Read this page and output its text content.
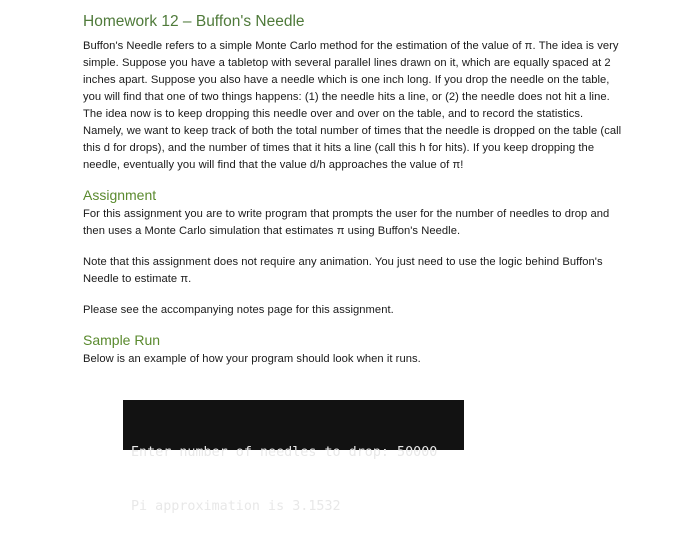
Homework 12 – Buffon's Needle

Buffon's Needle refers to a simple Monte Carlo method for the estimation of the value of π. The idea is very simple. Suppose you have a tabletop with several parallel lines drawn on it, which are equally spaced at 2 inches apart. Suppose you also have a needle which is one inch long. If you drop the needle on the table, you will find that one of two things happens: (1) the needle hits a line, or (2) the needle does not hit a line. The idea now is to keep dropping this needle over and over on the table, and to record the statistics. Namely, we want to keep track of both the total number of times that the needle is dropped on the table (call this d for drops), and the number of times that it hits a line (call this h for hits). If you keep dropping the needle, eventually you will find that the value d/h approaches the value of π!

Assignment

For this assignment you are to write program that prompts the user for the number of needles to drop and then uses a Monte Carlo simulation that estimates π using Buffon's Needle.

Note that this assignment does not require any animation. You just need to use the logic behind Buffon's Needle to estimate π.

Please see the accompanying notes page for this assignment.

Sample Run

Below is an example of how your program should look when it runs.

Enter number of needles to drop: 50000

Pi approximation is 3.1532
